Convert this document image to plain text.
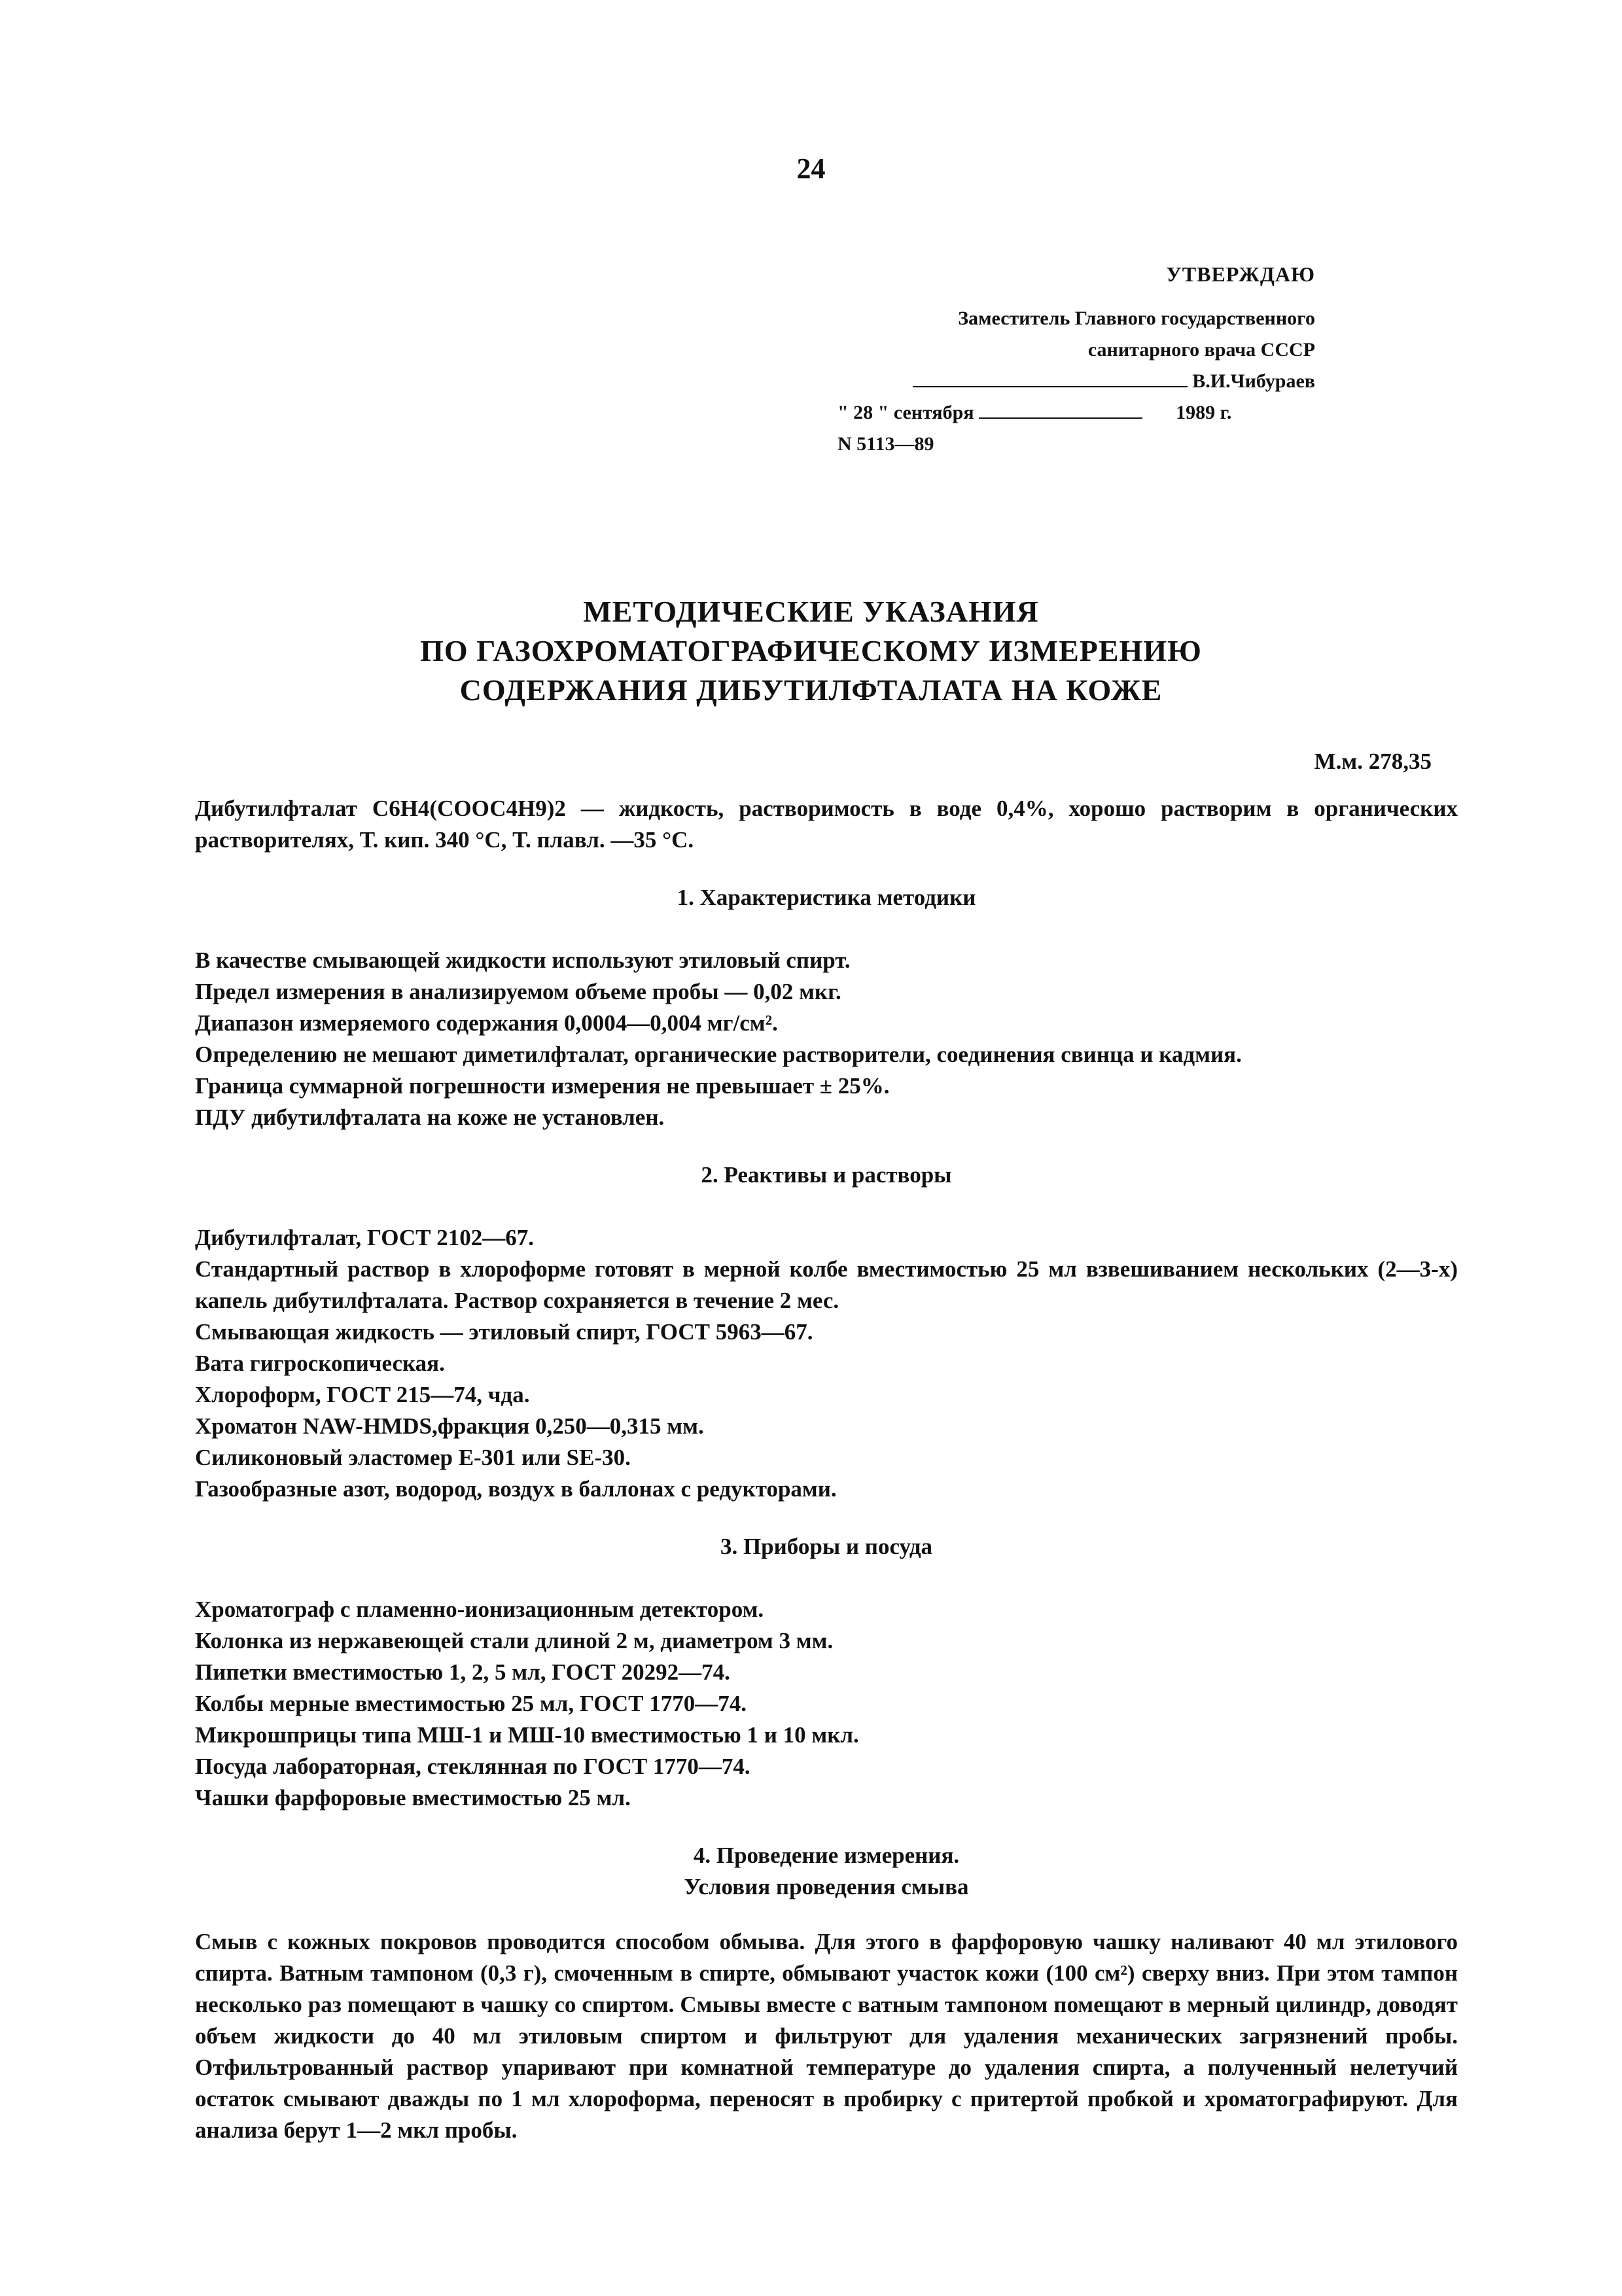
24
УТВЕРЖДАЮ
Заместитель Главного государственного
санитарного врача СССР
В.И.Чибураев
" 28 " сентября	1989 г.
N 5113—89
МЕТОДИЧЕСКИЕ УКАЗАНИЯ
ПО ГАЗОХРОМАТОГРАФИЧЕСКОМУ ИЗМЕРЕНИЮ
СОДЕРЖАНИЯ ДИБУТИЛФТАЛАТА НА КОЖЕ
М.м. 278,35
Дибутилфталат С6Н4(СООС4Н9)2 — жидкость, растворимость в воде 0,4%, хорошо растворим в органических растворителях, Т. кип. 340 °С, Т. плавл. —35 °С.
1. Характеристика методики
В качестве смывающей жидкости используют этиловый спирт.
Предел измерения в анализируемом объеме пробы — 0,02 мкг.
Диапазон измеряемого содержания 0,0004—0,004 мг/см².
Определению не мешают диметилфталат, органические растворители, соединения свинца и кадмия.
Граница суммарной погрешности измерения не превышает ± 25%.
ПДУ дибутилфталата на коже не установлен.
2. Реактивы и растворы
Дибутилфталат, ГОСТ 2102—67.
Стандартный раствор в хлороформе готовят в мерной колбе вместимостью 25 мл взвешиванием нескольких (2—3-х) капель дибутилфталата. Раствор сохраняется в течение 2 мес.
Смывающая жидкость — этиловый спирт, ГОСТ 5963—67.
Вата гигроскопическая.
Хлороформ, ГОСТ 215—74, чда.
Хроматон NAW-HMDS,фракция 0,250—0,315 мм.
Силиконовый эластомер Е-301 или SE-30.
Газообразные азот, водород, воздух в баллонах с редукторами.
3. Приборы и посуда
Хроматограф с пламенно-ионизационным детектором.
Колонка из нержавеющей стали длиной 2 м, диаметром 3 мм.
Пипетки вместимостью 1, 2, 5 мл, ГОСТ 20292—74.
Колбы мерные вместимостью 25 мл, ГОСТ 1770—74.
Микрошприцы типа МШ-1 и МШ-10 вместимостью 1 и 10 мкл.
Посуда лабораторная, стеклянная по ГОСТ 1770—74.
Чашки фарфоровые вместимостью 25 мл.
4. Проведение измерения.
Условия проведения смыва
Смыв с кожных покровов проводится способом обмыва. Для этого в фарфоровую чашку наливают 40 мл этилового спирта. Ватным тампоном (0,3 г), смоченным в спирте, обмывают участок кожи (100 см²) сверху вниз. При этом тампон несколько раз помещают в чашку со спиртом. Смывы вместе с ватным тампоном помещают в мерный цилиндр, доводят объем жидкости до 40 мл этиловым спиртом и фильтруют для удаления механических загрязнений пробы. Отфильтрованный раствор упаривают при комнатной температуре до удаления спирта, а полученный нелетучий остаток смывают дважды по 1 мл хлороформа, переносят в пробирку с притертой пробкой и хроматографируют. Для анализа берут 1—2 мкл пробы.
